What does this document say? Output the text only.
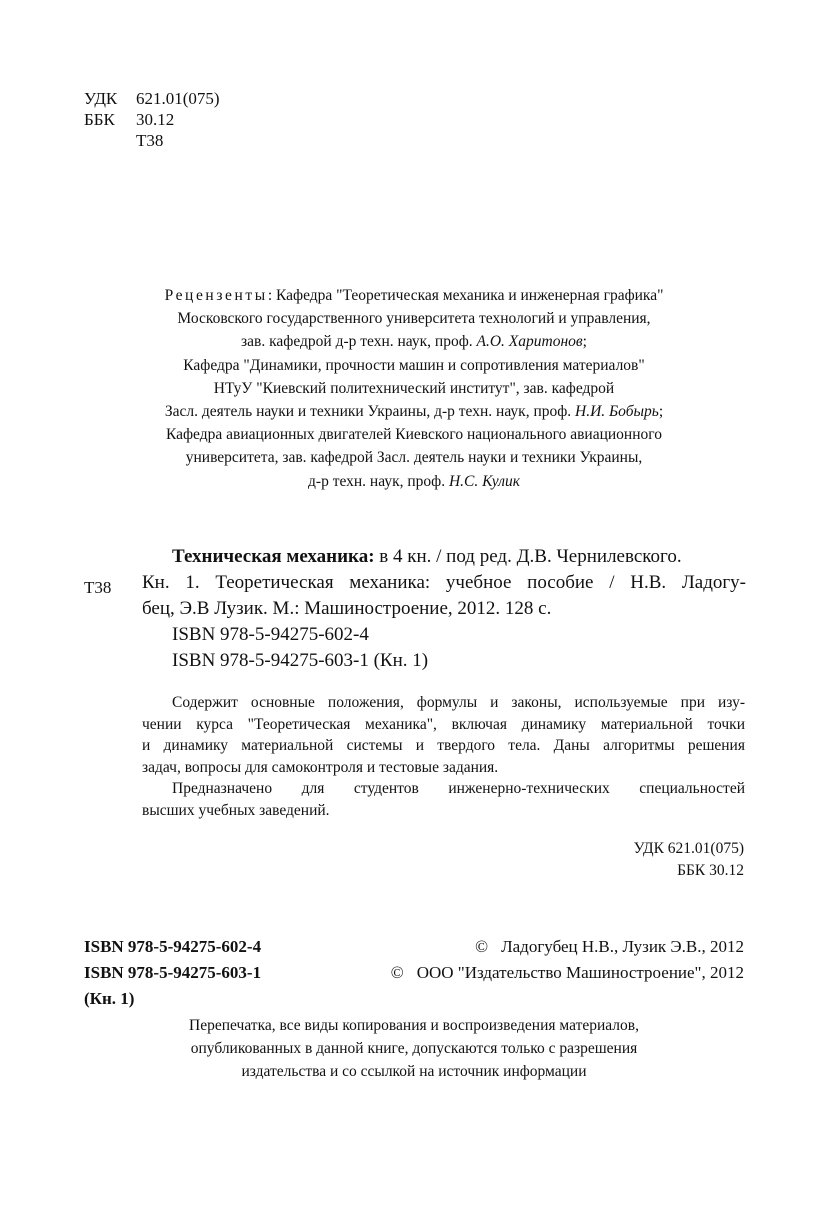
УДК 621.01(075)
ББК 30.12
Т38
Рецензенты: Кафедра "Теоретическая механика и инженерная графика"
Московского государственного университета технологий и управления,
зав. кафедрой д-р техн. наук, проф. А.О. Харитонов;
Кафедра "Динамики, прочности машин и сопротивления материалов"
НТуУ "Киевский политехнический институт", зав. кафедрой
Засл. деятель науки и техники Украины, д-р техн. наук, проф. Н.И. Бобырь;
Кафедра авиационных двигателей Киевского национального авиационного
университета, зав. кафедрой Засл. деятель науки и техники Украины,
д-р техн. наук, проф. Н.С. Кулик
Т38
Техническая механика: в 4 кн. / под ред. Д.В. Чернилевского.
Кн. 1. Теоретическая механика: учебное пособие / Н.В. Ладогу-
бец, Э.В Лузик. М.: Машиностроение, 2012. 128 с.
ISBN 978-5-94275-602-4
ISBN 978-5-94275-603-1 (Кн. 1)
Содержит основные положения, формулы и законы, используемые при изу-
чении курса "Теоретическая механика", включая динамику материальной точки
и динамику материальной системы и твердого тела. Даны алгоритмы решения
задач, вопросы для самоконтроля и тестовые задания.
Предназначено для студентов инженерно-технических специальностей
высших учебных заведений.
УДК 621.01(075)
ББК 30.12
ISBN 978-5-94275-602-4
ISBN 978-5-94275-603-1
(Кн. 1)
© Ладогубец Н.В., Лузик Э.В., 2012
© ООО "Издательство Машиностроение", 2012
Перепечатка, все виды копирования и воспроизведения материалов,
опубликованных в данной книге, допускаются только с разрешения
издательства и со ссылкой на источник информации
